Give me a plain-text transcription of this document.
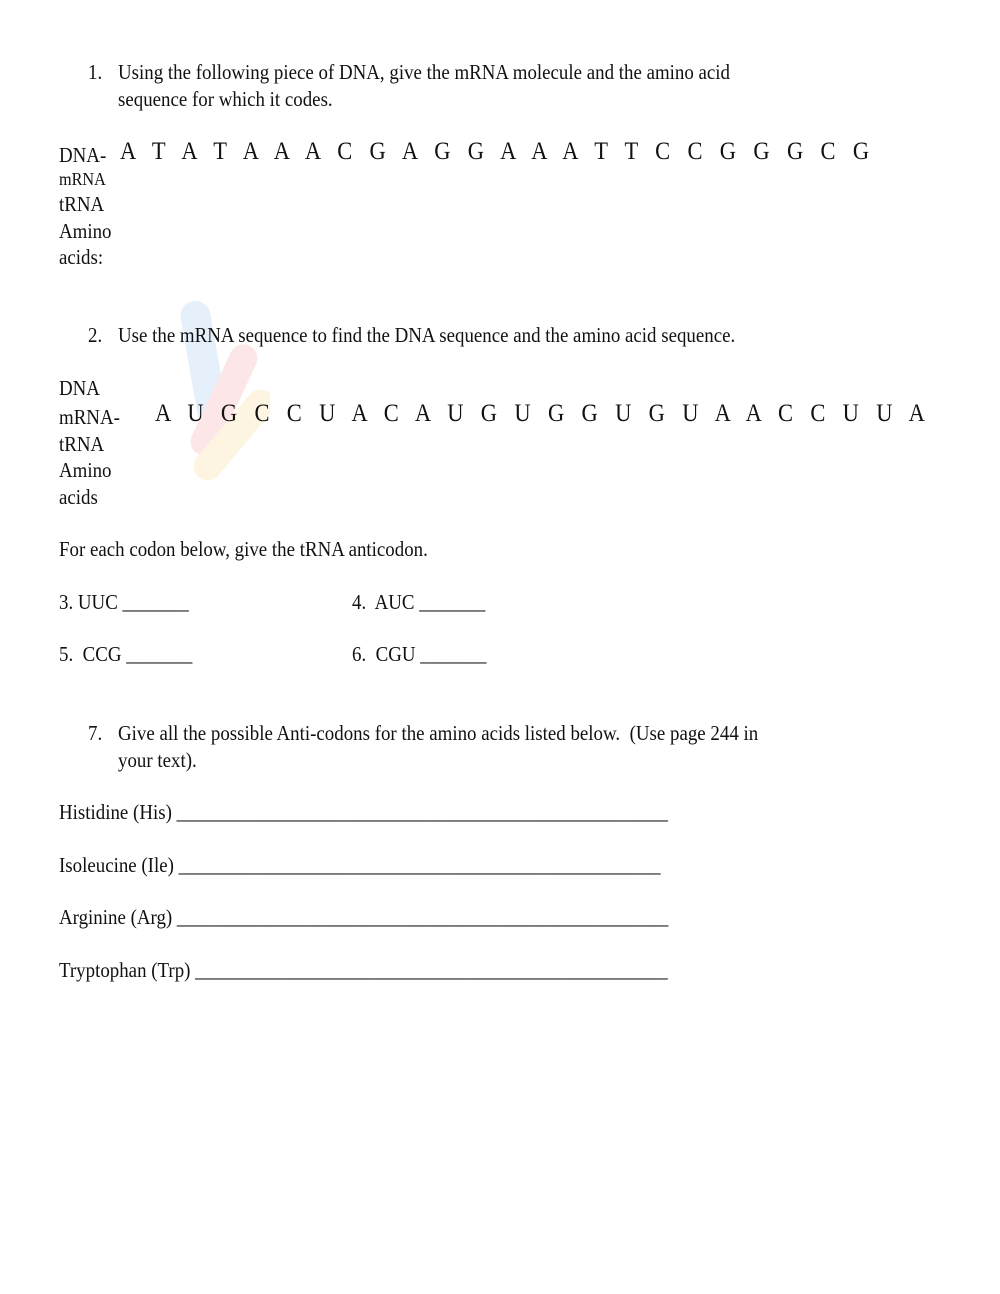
1. Using the following piece of DNA, give the mRNA molecule and the amino acid
sequence for which it codes.
DNA- A T A T A A A C G A G G A A A T T C C G G G C G
mRNA
tRNA
Amino
acids:
2. Use the mRNA sequence to find the DNA sequence and the amino acid sequence.
DNA
mRNA- A U G C C U A C A U G U G G U G U A A C C U U A
tRNA
Amino
acids
For each codon below, give the tRNA anticodon.
3. UUC _______	4.  AUC _______
5.  CCG _______	6.  CGU _______
7. Give all the possible Anti-codons for the amino acids listed below.  (Use page 244 in
your text).
Histidine (His) ____________________________________________________
Isoleucine (Ile) ___________________________________________________
Arginine (Arg) ____________________________________________________
Tryptophan (Trp) __________________________________________________
